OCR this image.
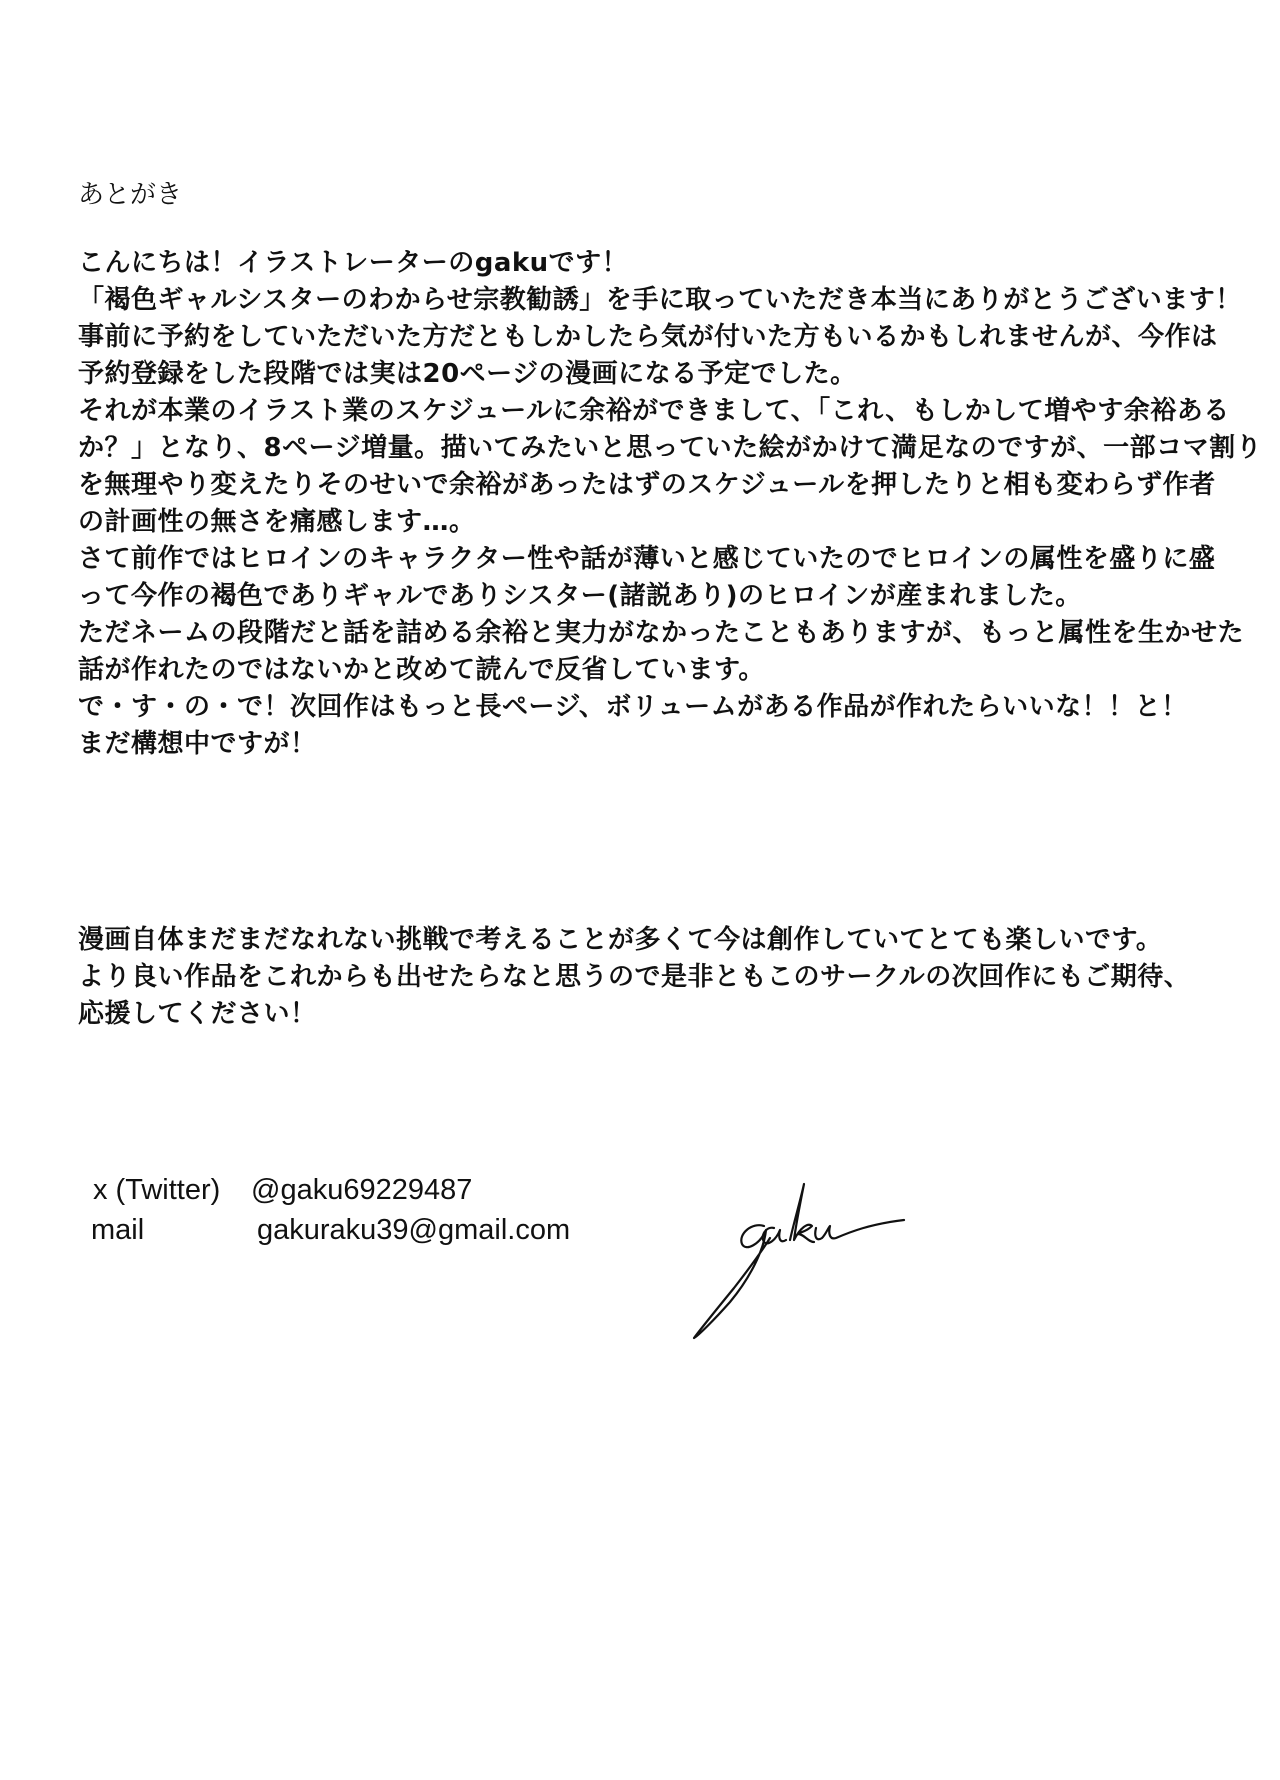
あとがき
こんにちは！イラストレーターのgakuです！
「褐色ギャルシスターのわからせ宗教勧誘」を手に取っていただき本当にありがとうございます！
事前に予約をしていただいた方だともしかしたら気が付いた方もいるかもしれませんが、今作は
予約登録をした段階では実は20ページの漫画になる予定でした。
それが本業のイラスト業のスケジュールに余裕ができまして、「これ、もしかして増やす余裕ある
か？」となり、8ページ増量。描いてみたいと思っていた絵がかけて満足なのですが、一部コマ割り
を無理やり変えたりそのせいで余裕があったはずのスケジュールを押したりと相も変わらず作者
の計画性の無さを痛感します…。
さて前作ではヒロインのキャラクター性や話が薄いと感じていたのでヒロインの属性を盛りに盛
って今作の褐色でありギャルでありシスター(諸説あり)のヒロインが産まれました。
ただネームの段階だと話を詰める余裕と実力がなかったこともありますが、もっと属性を生かせた
話が作れたのではないかと改めて読んで反省しています。
で・す・の・で！次回作はもっと長ページ、ボリュームがある作品が作れたらいいな！！と！
まだ構想中ですが！
漫画自体まだまだなれない挑戦で考えることが多くて今は創作していてとても楽しいです。
より良い作品をこれからも出せたらなと思うので是非ともこのサークルの次回作にもご期待、
応援してください！
x (Twitter) @gaku69229487
mail	gakuraku39@gmail.com
